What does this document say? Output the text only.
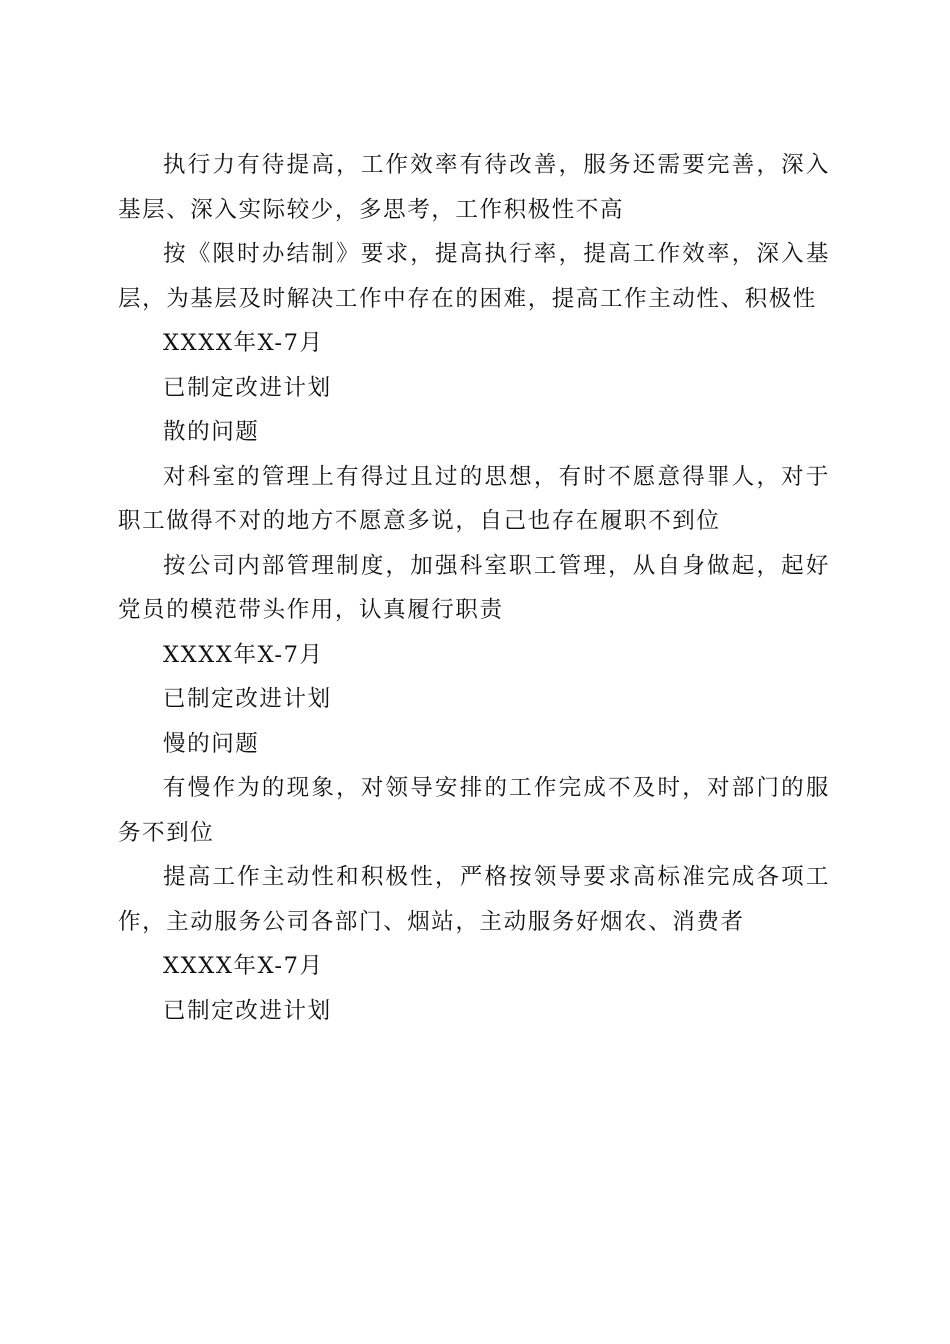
执行力有待提高，工作效率有待改善，服务还需要完善，深入基层、深入实际较少，多思考，工作积极性不高

按《限时办结制》要求，提高执行率，提高工作效率，深入基层，为基层及时解决工作中存在的困难，提高工作主动性、积极性

XXXX年X-7月

已制定改进计划

散的问题

对科室的管理上有得过且过的思想，有时不愿意得罪人，对于职工做得不对的地方不愿意多说，自己也存在履职不到位

按公司内部管理制度，加强科室职工管理，从自身做起，起好党员的模范带头作用，认真履行职责

XXXX年X-7月

已制定改进计划

慢的问题

有慢作为的现象，对领导安排的工作完成不及时，对部门的服务不到位

提高工作主动性和积极性，严格按领导要求高标准完成各项工作，主动服务公司各部门、烟站，主动服务好烟农、消费者

XXXX年X-7月

已制定改进计划
